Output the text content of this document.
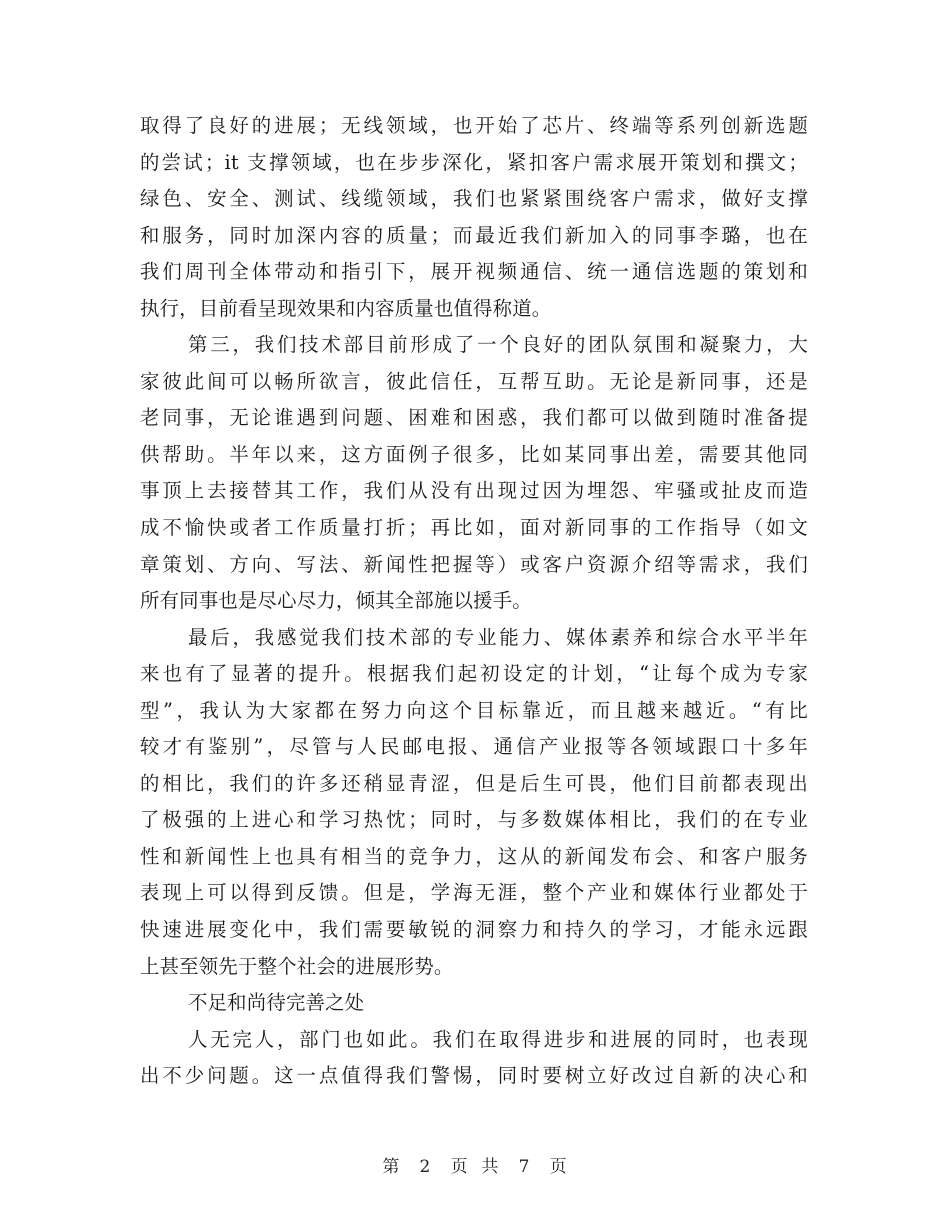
取得了良好的进展；无线领域，也开始了芯片、终端等系列创新选题
的尝试；it 支撑领域，也在步步深化，紧扣客户需求展开策划和撰文；
绿色、安全、测试、线缆领域，我们也紧紧围绕客户需求，做好支撑
和服务，同时加深内容的质量；而最近我们新加入的同事李璐，也在
我们周刊全体带动和指引下，展开视频通信、统一通信选题的策划和
执行，目前看呈现效果和内容质量也值得称道。
第三，我们技术部目前形成了一个良好的团队氛围和凝聚力，大
家彼此间可以畅所欲言，彼此信任，互帮互助。无论是新同事，还是
老同事，无论谁遇到问题、困难和困惑，我们都可以做到随时准备提
供帮助。半年以来，这方面例子很多，比如某同事出差，需要其他同
事顶上去接替其工作，我们从没有出现过因为埋怨、牢骚或扯皮而造
成不愉快或者工作质量打折；再比如，面对新同事的工作指导（如文
章策划、方向、写法、新闻性把握等）或客户资源介绍等需求，我们
所有同事也是尽心尽力，倾其全部施以援手。
最后，我感觉我们技术部的专业能力、媒体素养和综合水平半年
来也有了显著的提升。根据我们起初设定的计划，“让每个成为专家
型”，我认为大家都在努力向这个目标靠近，而且越来越近。“有比
较才有鉴别”，尽管与人民邮电报、通信产业报等各领域跟口十多年
的相比，我们的许多还稍显青涩，但是后生可畏，他们目前都表现出
了极强的上进心和学习热忱；同时，与多数媒体相比，我们的在专业
性和新闻性上也具有相当的竞争力，这从的新闻发布会、和客户服务
表现上可以得到反馈。但是，学海无涯，整个产业和媒体行业都处于
快速进展变化中，我们需要敏锐的洞察力和持久的学习，才能永远跟
上甚至领先于整个社会的进展形势。
不足和尚待完善之处
人无完人，部门也如此。我们在取得进步和进展的同时，也表现
出不少问题。这一点值得我们警惕，同时要树立好改过自新的决心和
第 2 页  共 7 页
